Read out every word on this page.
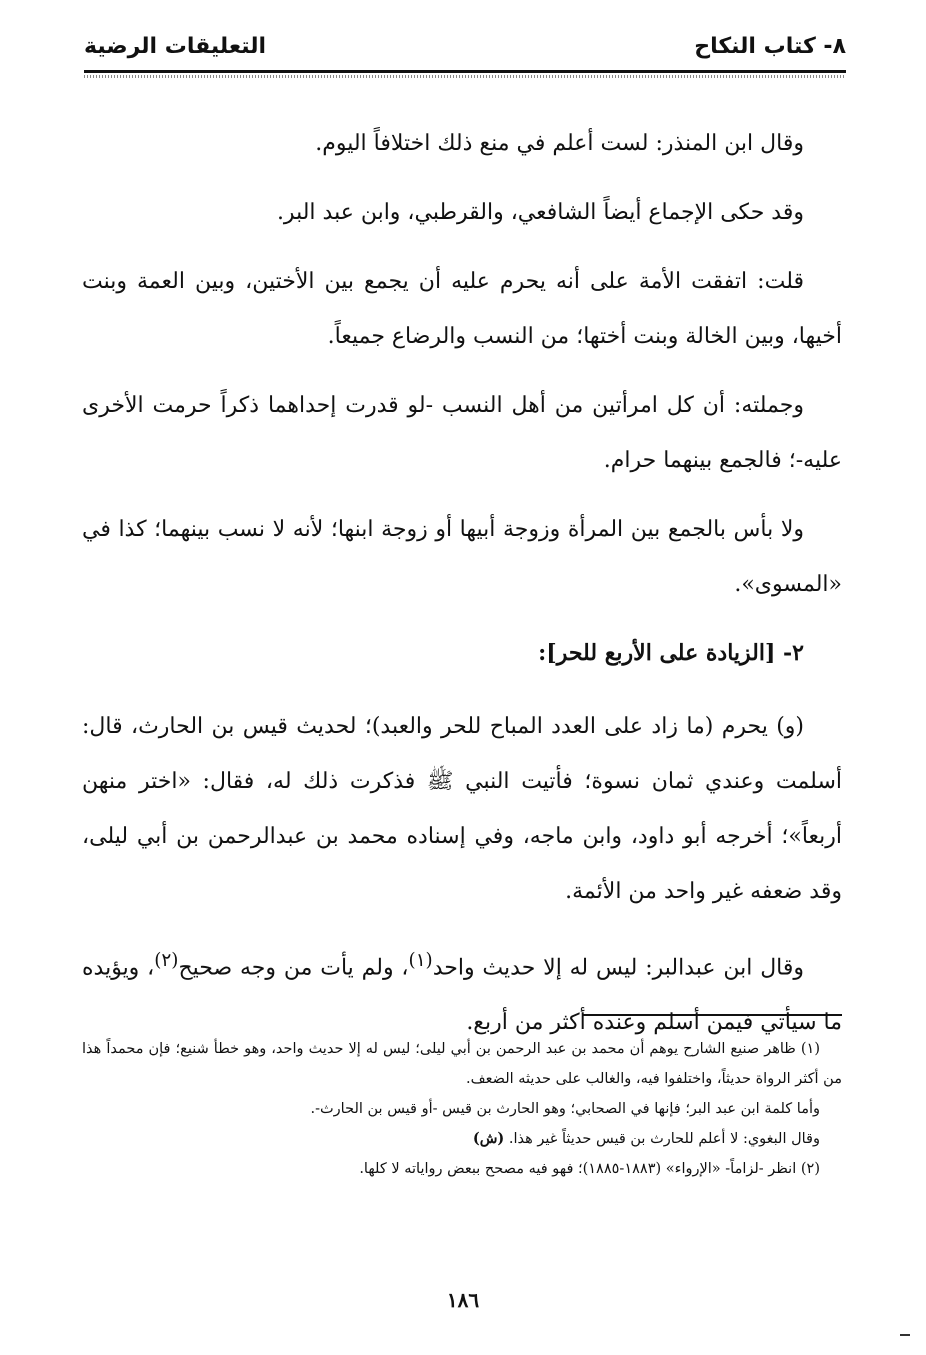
٨- كتاب النكاح
التعليقات الرضية

وقال ابن المنذر: لست أعلم في منع ذلك اختلافاً اليوم.

وقد حكى الإجماع أيضاً الشافعي، والقرطبي، وابن عبد البر.

قلت: اتفقت الأمة على أنه يحرم عليه أن يجمع بين الأختين، وبين العمة وبنت أخيها، وبين الخالة وبنت أختها؛ من النسب والرضاع جميعاً.

وجملته: أن كل امرأتين من أهل النسب -لو قدرت إحداهما ذكراً حرمت الأخرى عليه-؛ فالجمع بينهما حرام.

ولا بأس بالجمع بين المرأة وزوجة أبيها أو زوجة ابنها؛ لأنه لا نسب بينهما؛ كذا في «المسوى».

٢- [الزيادة على الأربع للحر]:

(و) يحرم (ما زاد على العدد المباح للحر والعبد)؛ لحديث قيس بن الحارث، قال: أسلمت وعندي ثمان نسوة؛ فأتيت النبي ﷺ فذكرت ذلك له، فقال: «اختر منهن أربعاً»؛ أخرجه أبو داود، وابن ماجه، وفي إسناده محمد بن عبدالرحمن بن أبي ليلى، وقد ضعفه غير واحد من الأئمة.

وقال ابن عبدالبر: ليس له إلا حديث واحد$^{(١)}$، ولم يأت من وجه صحيح$^{(٢)}$، ويؤيده ما سيأتي فيمن أسلم وعنده أكثر من أربع.

(١) ظاهر صنيع الشارح يوهم أن محمد بن عبد الرحمن بن أبي ليلى؛ ليس له إلا حديث واحد، وهو خطأ شنيع؛ فإن محمداً هذا من أكثر الرواة حديثاً، واختلفوا فيه، والغالب على حديثه الضعف.

وأما كلمة ابن عبد البر؛ فإنها في الصحابي؛ وهو الحارث بن قيس -أو قيس بن الحارث-.

وقال البغوي: لا أعلم للحارث بن قيس حديثاً غير هذا. (ش)

(٢) انظر -لزاماً- «الإرواء» (١٨٨٣-١٨٨٥)؛ فهو فيه مصحح ببعض رواياته لا كلها.

١٨٦
